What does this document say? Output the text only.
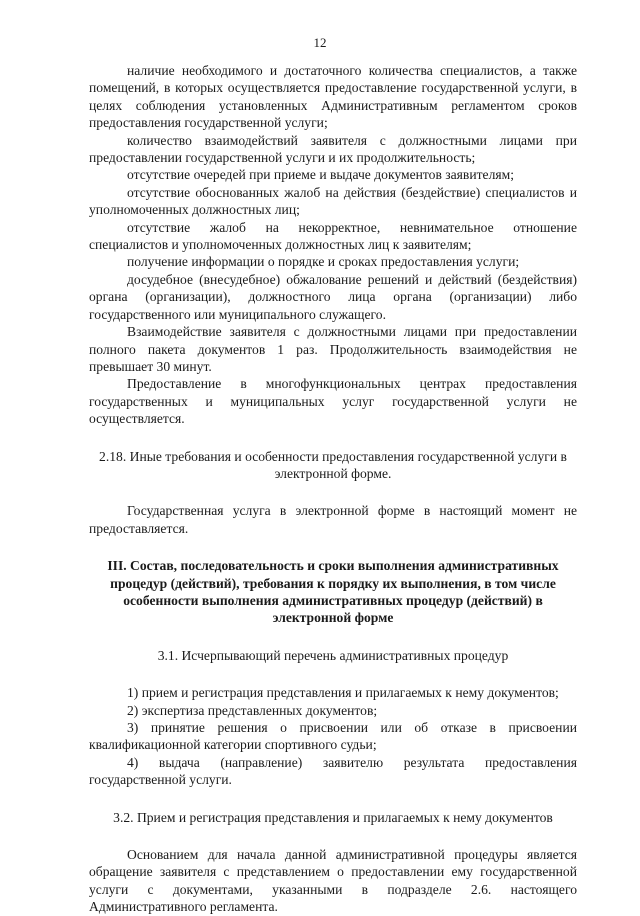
12

наличие необходимого и достаточного количества специалистов, а также помещений, в которых осуществляется предоставление государственной услуги, в целях соблюдения установленных Административным регламентом сроков предоставления государственной услуги;

количество взаимодействий заявителя с должностными лицами при предоставлении государственной услуги и их продолжительность;

отсутствие очередей при приеме и выдаче документов заявителям;

отсутствие обоснованных жалоб на действия (бездействие) специалистов и уполномоченных должностных лиц;

отсутствие жалоб на некорректное, невнимательное отношение специалистов и уполномоченных должностных лиц к заявителям;

получение информации о порядке и сроках предоставления услуги;

досудебное (внесудебное) обжалование решений и действий (бездействия) органа (организации), должностного лица органа (организации) либо государственного или муниципального служащего.

Взаимодействие заявителя с должностными лицами при предоставлении полного пакета документов 1 раз. Продолжительность взаимодействия не превышает 30 минут.

Предоставление в многофункциональных центрах предоставления государственных и муниципальных услуг государственной услуги не осуществляется.

2.18. Иные требования и особенности предоставления государственной услуги в электронной форме.

Государственная услуга в электронной форме в настоящий момент не предоставляется.

III. Состав, последовательность и сроки выполнения административных процедур (действий), требования к порядку их выполнения, в том числе особенности выполнения административных процедур (действий) в электронной форме

3.1. Исчерпывающий перечень административных процедур

1) прием и регистрация представления и прилагаемых к нему документов;

2) экспертиза представленных документов;

3) принятие решения о присвоении или об отказе в присвоении квалификационной категории спортивного судьи;

4) выдача (направление) заявителю результата предоставления государственной услуги.

3.2. Прием и регистрация представления и прилагаемых к нему документов

Основанием для начала данной административной процедуры является обращение заявителя с представлением о предоставлении ему государственной услуги с документами, указанными в подразделе 2.6. настоящего Административного регламента.
